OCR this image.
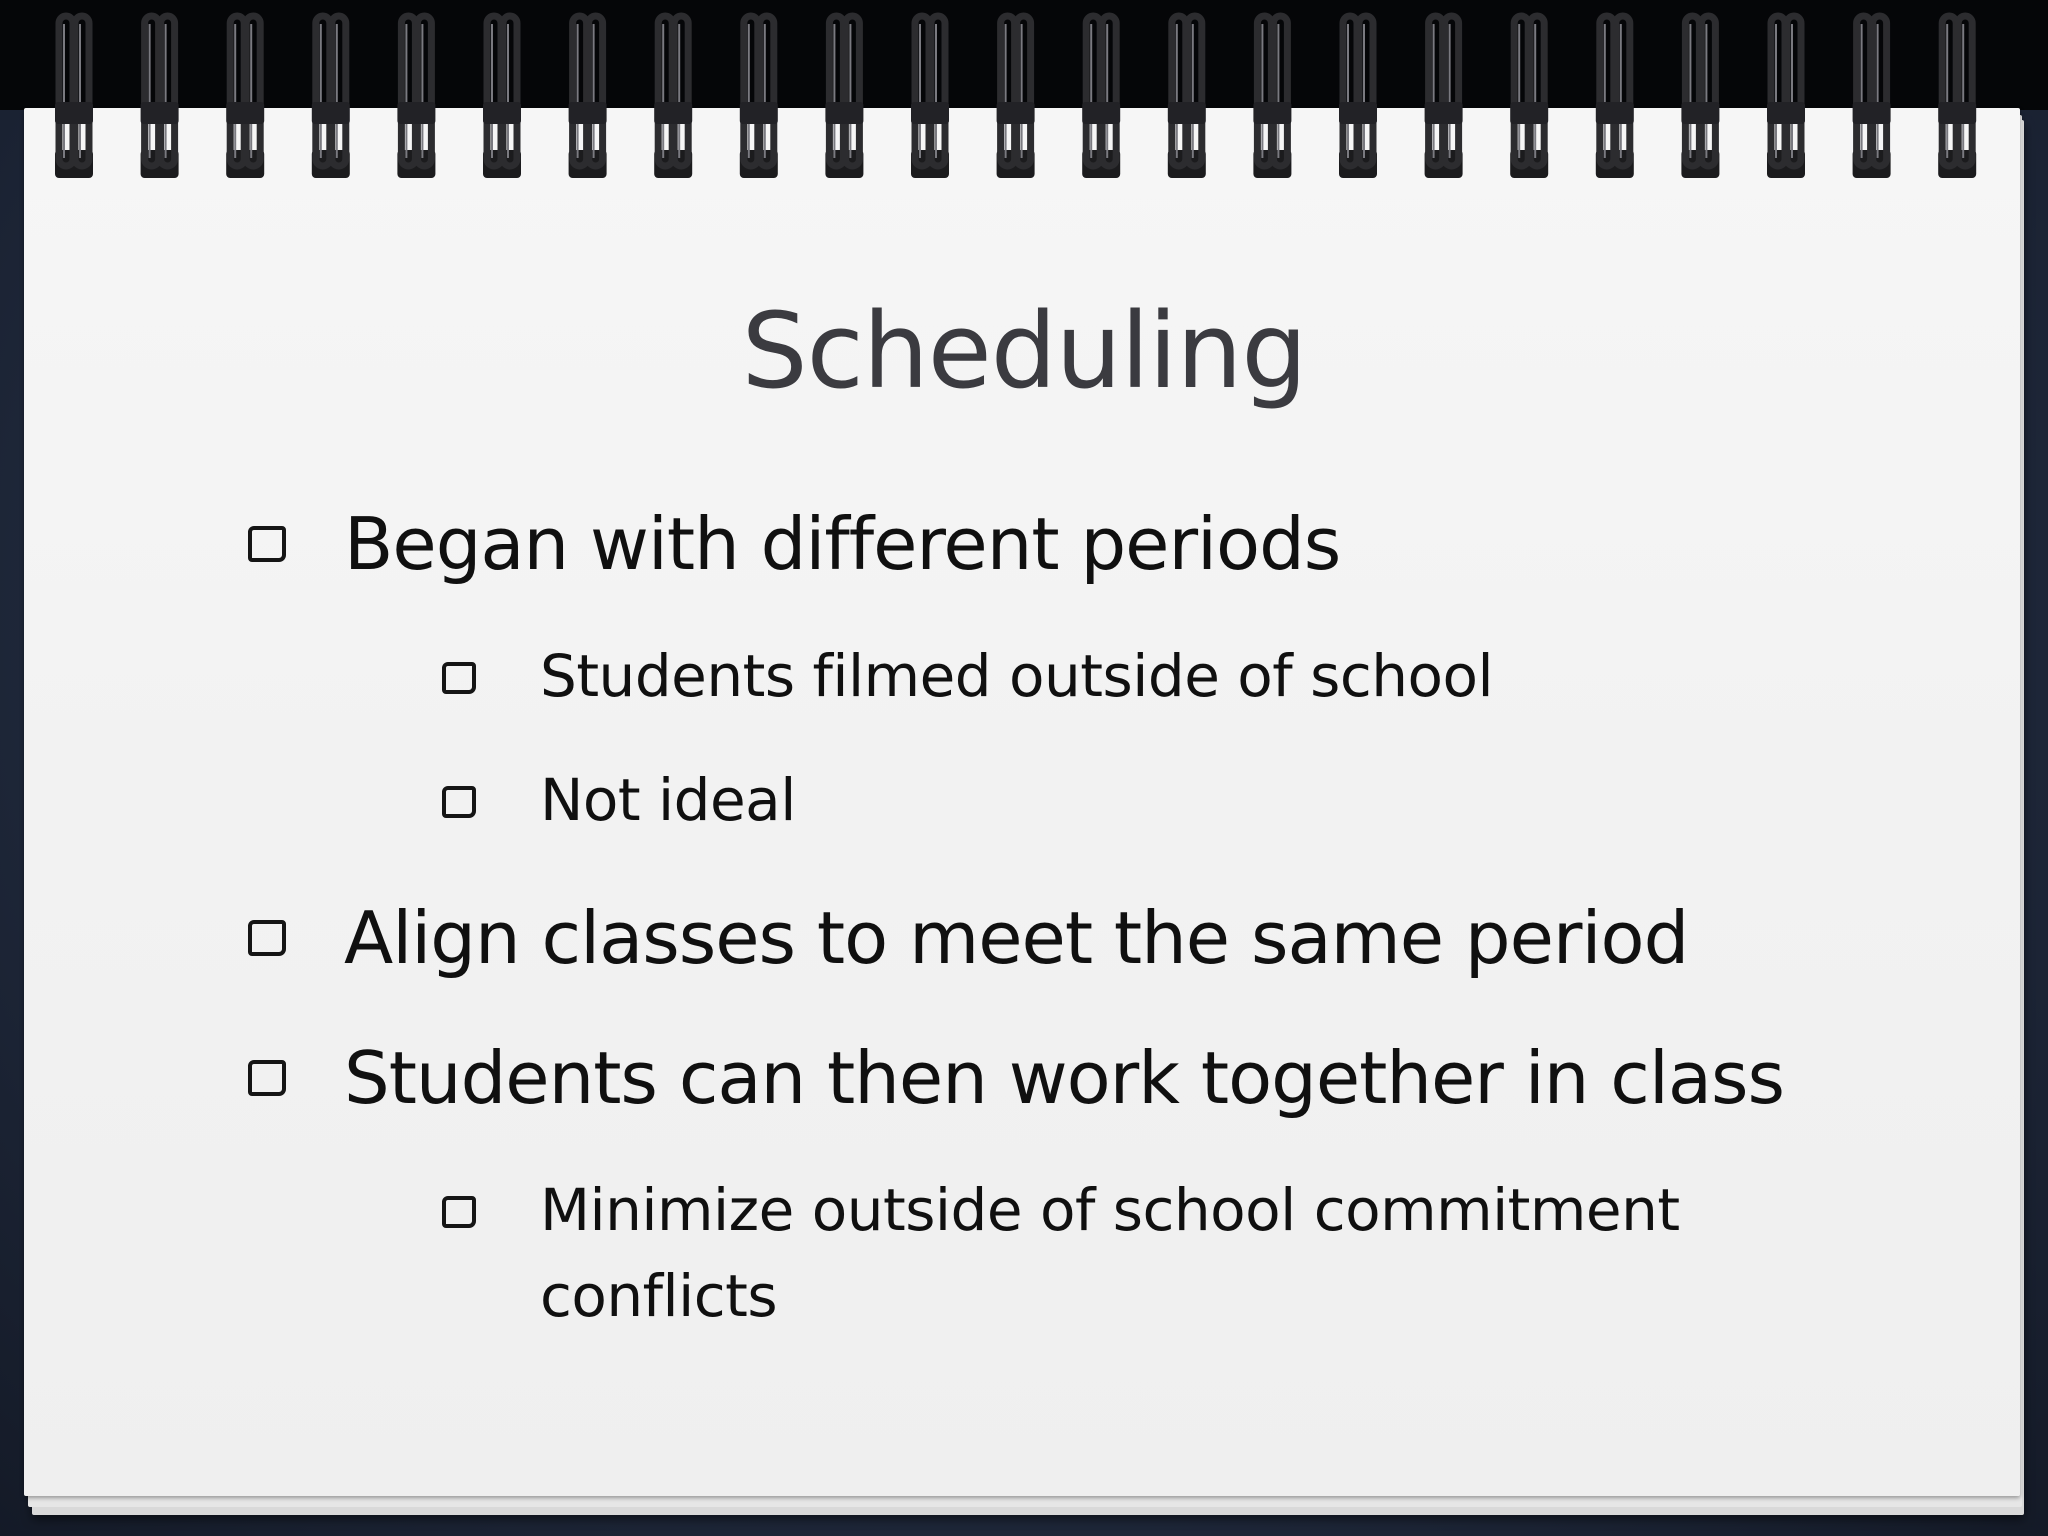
Scheduling
Began with different periods
Students filmed outside of school
Not ideal
Align classes to meet the same period
Students can then work together in class
Minimize outside of school commitment
conflicts
